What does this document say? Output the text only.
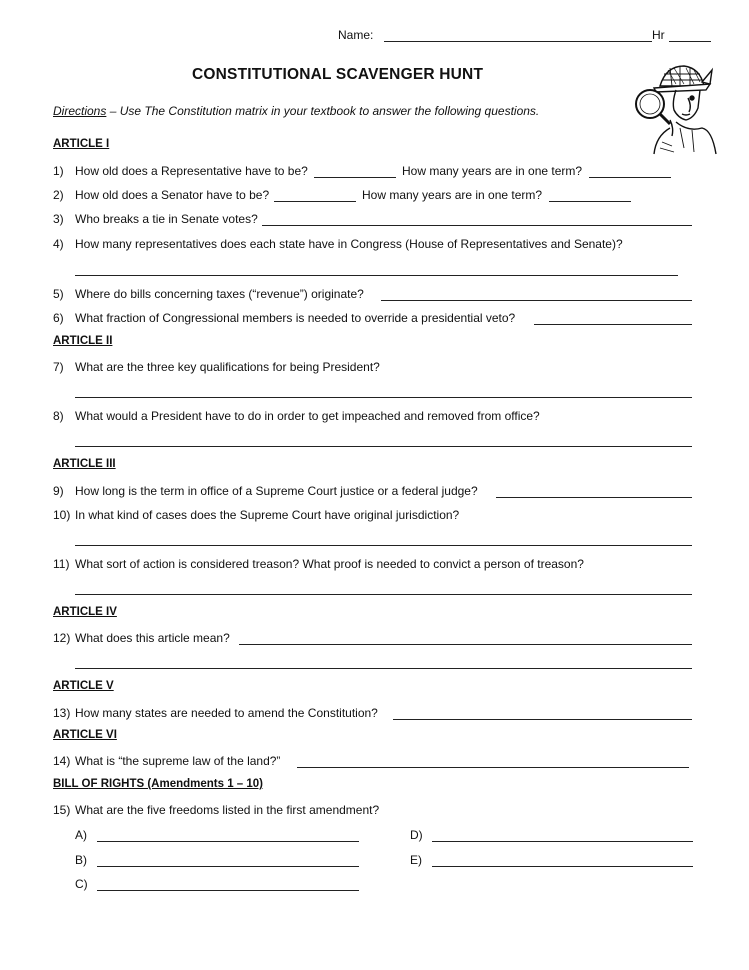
Name:	Hr
CONSTITUTIONAL SCAVENGER HUNT
Directions – Use The Constitution matrix in your textbook to answer the following questions.
ARTICLE I
1) How old does a Representative have to be?	How many years are in one term?
2) How old does a Senator have to be?	How many years are in one term?
3) Who breaks a tie in Senate votes?
4) How many representatives does each state have in Congress (House of Representatives and Senate)?
5) Where do bills concerning taxes (“revenue”) originate?
6) What fraction of Congressional members is needed to override a presidential veto?
ARTICLE II
7) What are the three key qualifications for being President?
8) What would a President have to do in order to get impeached and removed from office?
ARTICLE III
9) How long is the term in office of a Supreme Court justice or a federal judge?
10) In what kind of cases does the Supreme Court have original jurisdiction?
11) What sort of action is considered treason? What proof is needed to convict a person of treason?
ARTICLE IV
12) What does this article mean?
ARTICLE V
13) How many states are needed to amend the Constitution?
ARTICLE VI
14) What is “the supreme law of the land?”
BILL OF RIGHTS (Amendments 1 – 10)
15) What are the five freedoms listed in the first amendment?
A)	D)
B)	E)
C)
